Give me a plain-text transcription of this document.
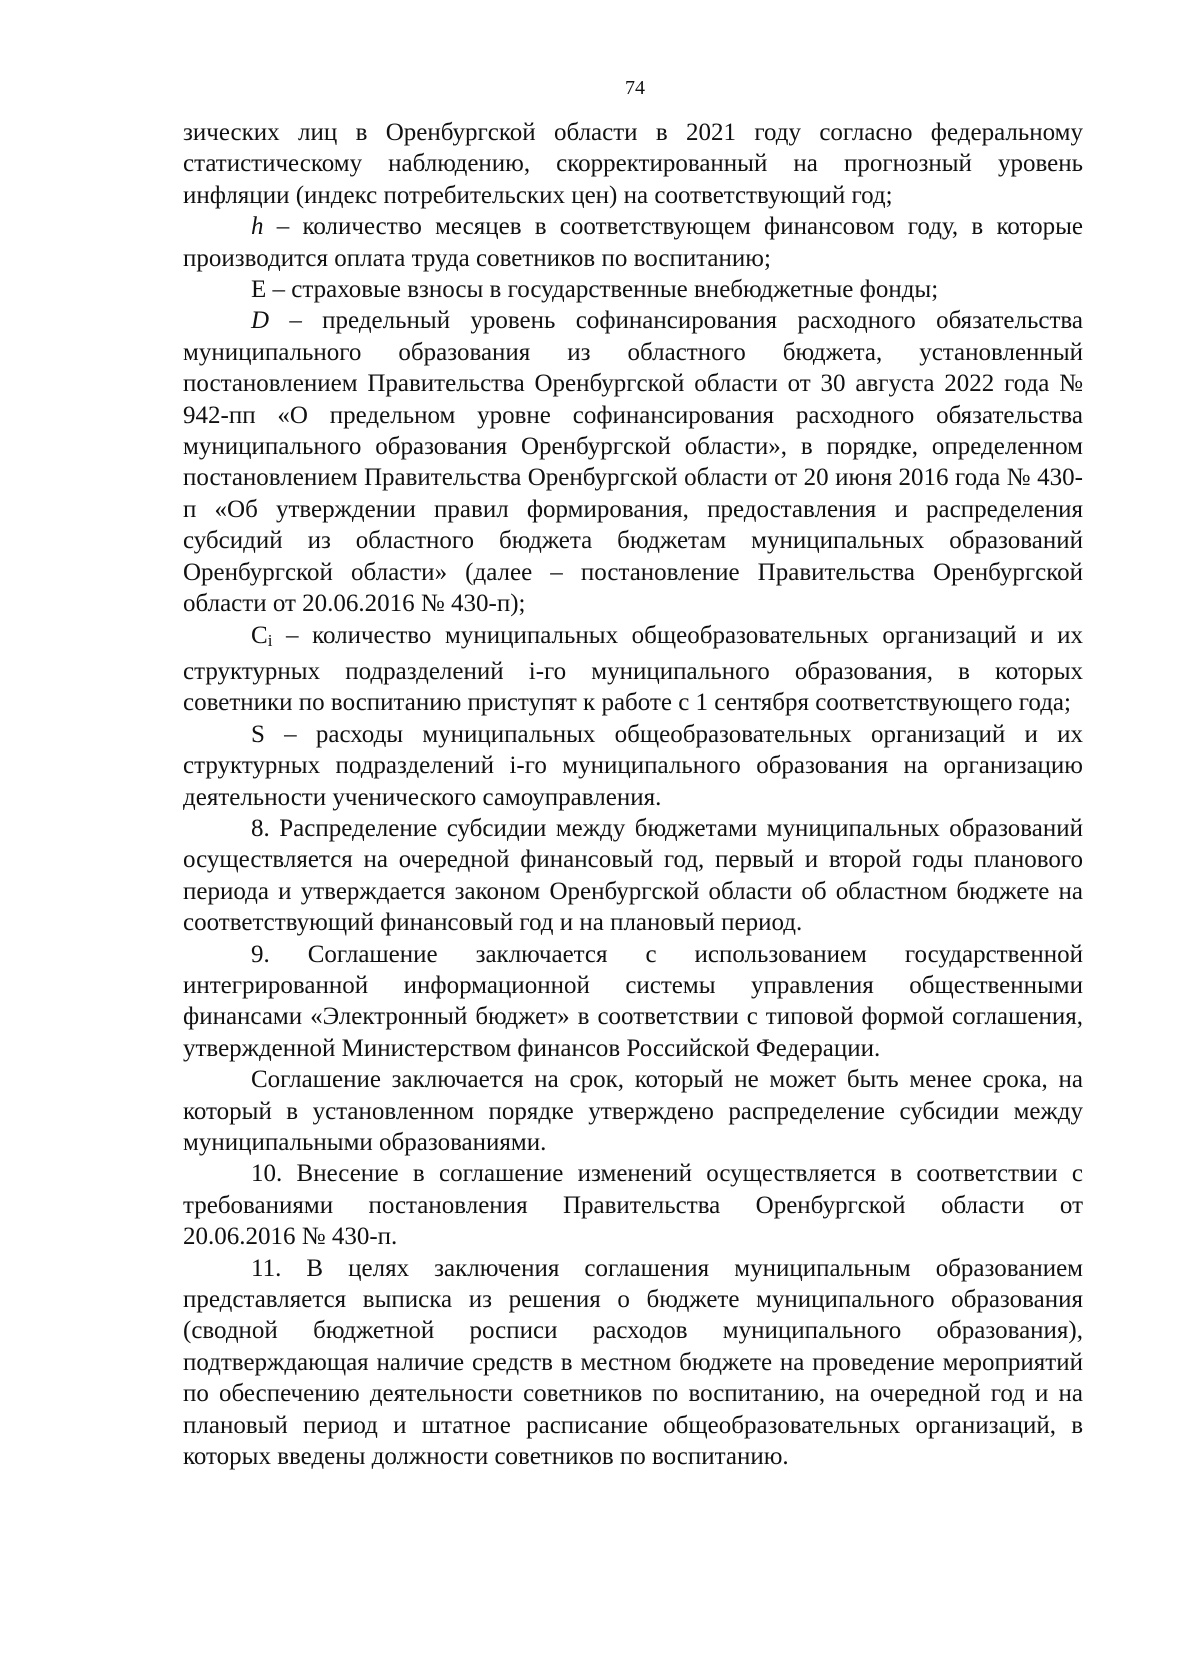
74

зических лиц в Оренбургской области в 2021 году согласно федеральному статистическому наблюдению, скорректированный на прогнозный уровень инфляции (индекс потребительских цен) на соответствующий год;

h – количество месяцев в соответствующем финансовом году, в которые производится оплата труда советников по воспитанию;

Е – страховые взносы в государственные внебюджетные фонды;

D – предельный уровень софинансирования расходного обязательства муниципального образования из областного бюджета, установленный постановлением Правительства Оренбургской области от 30 августа 2022 года № 942-пп «О предельном уровне софинансирования расходного обязательства муниципального образования Оренбургской области», в порядке, определенном постановлением Правительства Оренбургской области от 20 июня 2016 года № 430-п «Об утверждении правил формирования, предоставления и распределения субсидий из областного бюджета бюджетам муниципальных образований Оренбургской области» (далее – постановление Правительства Оренбургской области от 20.06.2016 № 430-п);

Ci – количество муниципальных общеобразовательных организаций и их структурных подразделений i-го муниципального образования, в которых советники по воспитанию приступят к работе с 1 сентября соответствующего года;

S – расходы муниципальных общеобразовательных организаций и их структурных подразделений i-го муниципального образования на организацию деятельности ученического самоуправления.

8. Распределение субсидии между бюджетами муниципальных образований осуществляется на очередной финансовый год, первый и второй годы планового периода и утверждается законом Оренбургской области об областном бюджете на соответствующий финансовый год и на плановый период.

9. Соглашение заключается с использованием государственной интегрированной информационной системы управления общественными финансами «Электронный бюджет» в соответствии с типовой формой соглашения, утвержденной Министерством финансов Российской Федерации.

Соглашение заключается на срок, который не может быть менее срока, на который в установленном порядке утверждено распределение субсидии между муниципальными образованиями.

10. Внесение в соглашение изменений осуществляется в соответствии с требованиями постановления Правительства Оренбургской области от

20.06.2016 № 430-п.

11. В целях заключения соглашения муниципальным образованием представляется выписка из решения о бюджете муниципального образования (сводной бюджетной росписи расходов муниципального образования), подтверждающая наличие средств в местном бюджете на проведение мероприятий по обеспечению деятельности советников по воспитанию, на очередной год и на плановый период и штатное расписание общеобразовательных организаций, в которых введены должности советников по воспитанию.
